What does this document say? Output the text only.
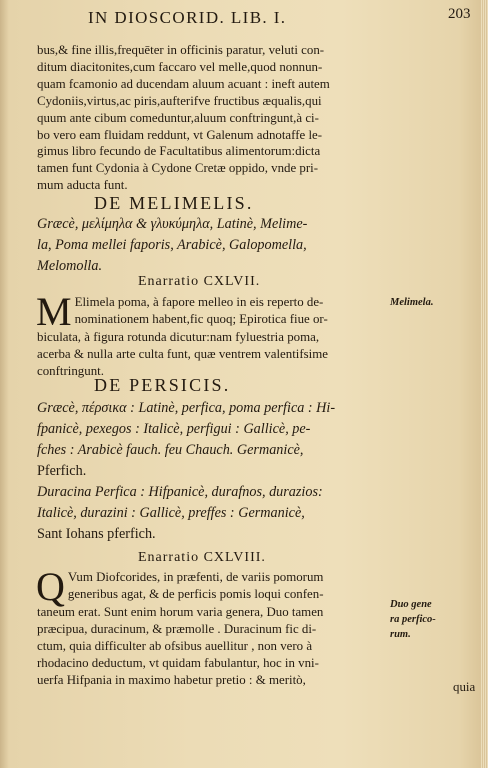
IN DIOSCORID. LIB. I.	203
bus,& fine illis,frequēter in officinis paratur, veluti con-
ditum diacitonites,cum faccaro vel melle,quod nonnun-
quam fcamonio ad ducendam aluum acuant : ineft autem
Cydoniis,virtus,ac piris,aufterifve fructibus æqualis,qui
quum ante cibum comeduntur,aluum conftringunt,à ci-
bo vero eam fluidam reddunt, vt Galenum adnotaffe le-
gimus libro fecundo de Facultatibus alimentorum:dicta
tamen funt Cydonia à Cydone Cretæ oppido, vnde pri-
mum aducta funt.
DE MELIMELIS.
Græcè, μελίμηλα & γλυκύμηλα, Latinè, Melime-
la, Poma mellei faporis, Arabicè, Galopomella,
Melomolla.
Enarratio CXLVII.
M Elimela poma, à fapore melleo in eis reperto de-
nominationem habent,fic quoq; Epirotica fiue or-
biculata, à figura rotunda dicutur:nam fyluestria poma,
acerba & nulla arte culta funt, quæ ventrem valentifsime
conftringunt.
Melimela.
DE PERSICIS.
Græcè, πέρσικα : Latinè, perfica, poma perfica : Hi-
fpanicè, pexegos : Italicè, perfigui : Gallicè, pe-
fches : Arabicè fauch. feu Chauch. Germanicè,
Pferfich.
Duracina Perfica : Hifpanicè, durafnos, durazios:
Italicè, durazini : Gallicè, preffes : Germanicè,
Sant Iohans pferfich.
Enarratio CXLVIII.
Q Vum Diofcorides, in præfenti, de variis pomorum
generibus agat, & de perficis pomis loqui confen-
taneum erat. Sunt enim horum varia genera, Duo tamen
præcipua, duracinum, & præmolle . Duracinum fic di-
ctum, quia difficulter ab ofsibus auellitur , non vero à
rhodacino deductum, vt quidam fabulantur, hoc in vni-
uerfa Hifpania in maximo habetur pretio : & meritò,
Duo gene
ra perfico-
rum.
quia
